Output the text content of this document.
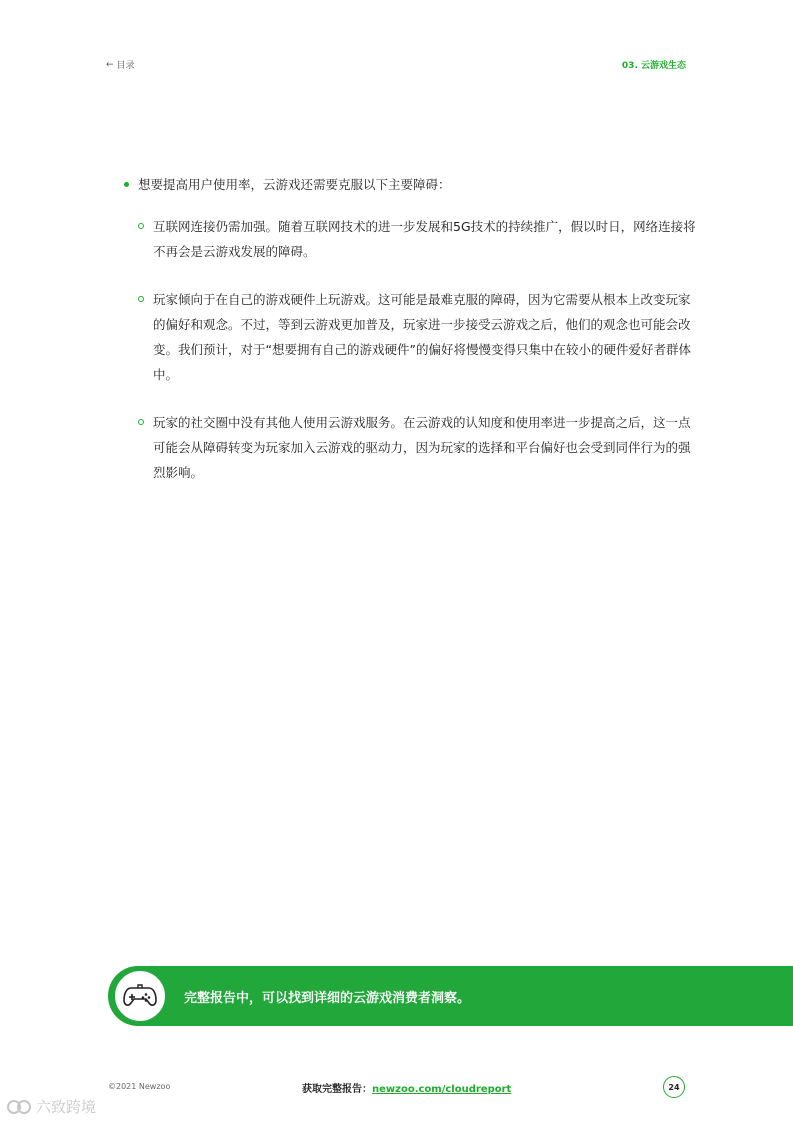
← 目录	03. 云游戏生态
想要提高用户使用率，云游戏还需要克服以下主要障碍：
互联网连接仍需加强。随着互联网技术的进一步发展和5G技术的持续推广，假以时日，网络连接将不再会是云游戏发展的障碍。
玩家倾向于在自己的游戏硬件上玩游戏。这可能是最难克服的障碍，因为它需要从根本上改变玩家的偏好和观念。不过，等到云游戏更加普及，玩家进一步接受云游戏之后，他们的观念也可能会改变。我们预计，对于“想要拥有自己的游戏硬件”的偏好将慢慢变得只集中在较小的硬件爱好者群体中。
玩家的社交圈中没有其他人使用云游戏服务。在云游戏的认知度和使用率进一步提高之后，这一点可能会从障碍转变为玩家加入云游戏的驱动力，因为玩家的选择和平台偏好也会受到同伴行为的强烈影响。
完整报告中，可以找到详细的云游戏消费者洞察。
©2021 Newzoo	获取完整报告：newzoo.com/cloudreport	24
六致跨境
